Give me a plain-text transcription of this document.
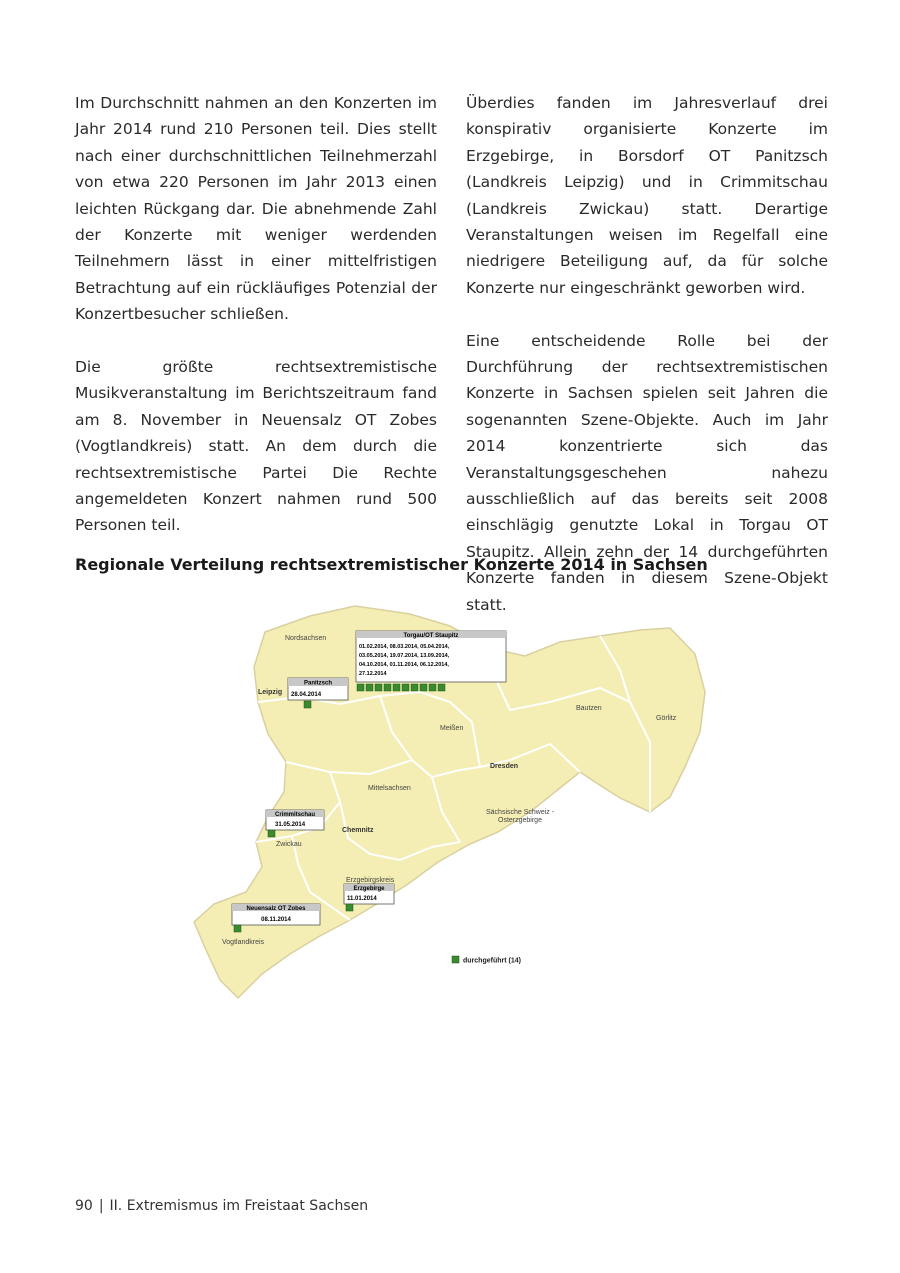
Im Durchschnitt nahmen an den Konzerten im Jahr 2014 rund 210 Personen teil. Dies stellt nach einer durchschnittlichen Teilnehmerzahl von etwa 220 Personen im Jahr 2013 einen leichten Rückgang dar. Die abnehmende Zahl der Konzerte mit weniger werdenden Teilnehmern lässt in einer mittelfristigen Betrachtung auf ein rückläufiges Potenzial der Konzertbesucher schließen.

Die größte rechtsextremistische Musikveranstaltung im Berichtszeitraum fand am 8. November in Neuensalz OT Zobes (Vogtlandkreis) statt. An dem durch die rechtsextremistische Partei Die Rechte angemeldeten Konzert nahmen rund 500 Personen teil.

Überdies fanden im Jahresverlauf drei konspirativ organisierte Konzerte im Erzgebirge, in Borsdorf OT Panitzsch (Landkreis Leipzig) und in Crimmitschau (Landkreis Zwickau) statt. Derartige Veranstaltungen weisen im Regelfall eine niedrigere Beteiligung auf, da für solche Konzerte nur eingeschränkt geworben wird.

Eine entscheidende Rolle bei der Durchführung der rechtsextremistischen Konzerte in Sachsen spielen seit Jahren die sogenannten Szene-Objekte. Auch im Jahr 2014 konzentrierte sich das Veranstaltungsgeschehen nahezu ausschließlich auf das bereits seit 2008 einschlägig genutzte Lokal in Torgau OT Staupitz. Allein zehn der 14 durchgeführten Konzerte fanden in diesem Szene-Objekt statt.

Regionale Verteilung rechtsextremistischer Konzerte 2014 in Sachsen
Nordsachsen
Leipzig
Meißen
Bautzen
Görlitz
Dresden
Mittelsachsen
Sächsische Schweiz -
Osterzgebirge
Zwickau
Chemnitz
Erzgebirgskreis
Vogtlandkreis
Torgau/OT Staupitz
01.02.2014, 08.03.2014, 05.04.2014,
03.05.2014, 19.07.2014, 13.09.2014,
04.10.2014, 01.11.2014, 06.12.2014,
27.12.2014
Panitzsch
28.04.2014
Crimmitschau
31.05.2014
Erzgebirge
11.01.2014
Neuensalz OT Zobes
08.11.2014
durchgeführt (14)
90 | II. Extremismus im Freistaat Sachsen
